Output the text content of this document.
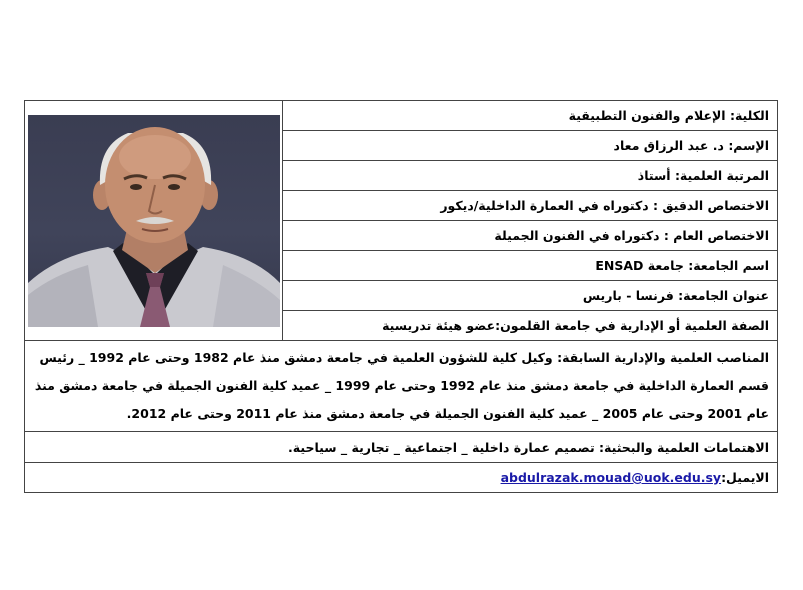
الكلية: الإعلام والفنون التطبيقية	

الإسم: د. عبد الرزاق معاد
المرتبة العلمية: أستاذ
الاختصاص الدقيق : دكتوراه في العمارة الداخلية/ديكور
الاختصاص العام : دكتوراه في الفنون الجميلة
اسم الجامعة: جامعة ENSAD
عنوان الجامعة: فرنسا - باريس
الصفة العلمية أو الإدارية في جامعة القلمون:عضو هيئة تدريسية
المناصب العلمية والإدارية السابقة: وكيل كلية للشؤون العلمية في جامعة دمشق منذ عام 1982 وحتى عام 1992 _ رئيس قسم العمارة الداخلية في جامعة دمشق منذ عام 1992 وحتى عام 1999 _ عميد كلية الفنون الجميلة في جامعة دمشق منذ عام 2001 وحتى عام 2005 _ عميد كلية الفنون الجميلة في جامعة دمشق منذ عام 2011 وحتى عام 2012.
الاهتمامات العلمية والبحثية: تصميم عمارة داخلية _ اجتماعية _ تجارية _ سياحية.
الايميل:abdulrazak.mouad@uok.edu.sy
